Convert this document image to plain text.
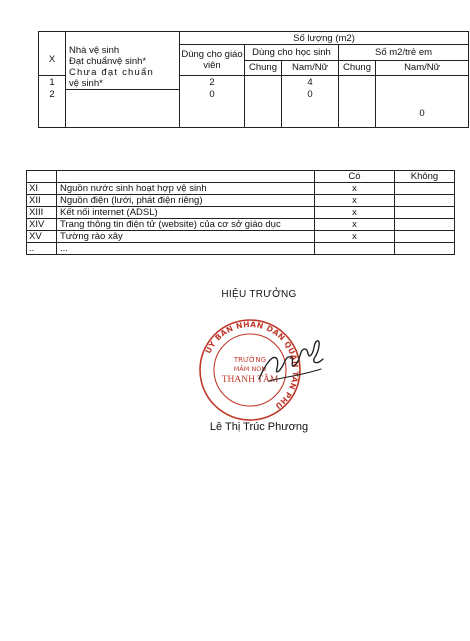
		Số lượng (m2)				
X	Nhà vệ sinh
Đạt chuẩnvệ sinh*
Chưa đạt chuẩn
vệ sinh*	Dùng cho giáo viên	Dùng cho học sinh		Số m2/trẻ em	
			Chung	Nam/Nữ	Chung	Nam/Nữ
1		2		4		
2		0		0		0
		Có	Không
XI	Nguồn nước sinh hoạt hợp vệ sinh	x	
XII	Nguồn điện (lưới, phát điện riêng)	x	
XIII	Kết nối internet (ADSL)	x	
XIV	Trang thông tin điện tử (website) của cơ sở giáo dục	x	
XV	Tường rào xây	x	
..	...		
HIỆU TRƯỞNG
ỦY BAN NHÂN DÂN QUẬN TÂN PHÚ
TRƯỜNG
MẦM NON
THANH TÂM
Lê Thị Trúc Phương
